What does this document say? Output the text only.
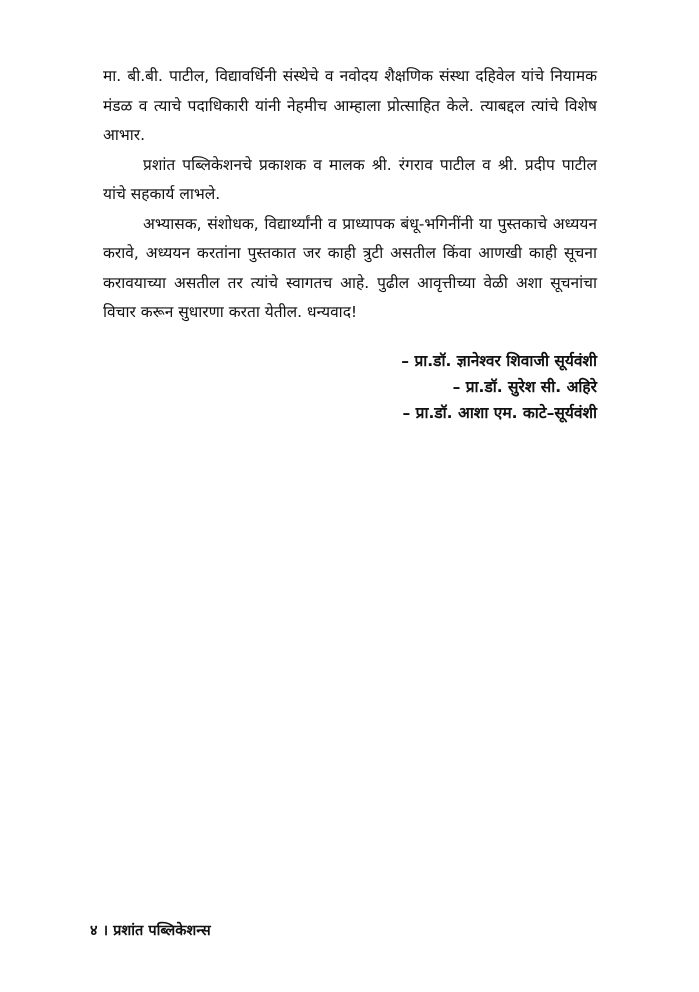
मा. बी.बी. पाटील, विद्यावर्धिनी संस्थेचे व नवोदय शैक्षणिक संस्था दहिवेल यांचे नियामक मंडळ व त्याचे पदाधिकारी यांनी नेहमीच आम्हाला प्रोत्साहित केले. त्याबद्दल त्यांचे विशेष आभार.

प्रशांत पब्लिकेशनचे प्रकाशक व मालक श्री. रंगराव पाटील व श्री. प्रदीप पाटील यांचे सहकार्य लाभले.

अभ्यासक, संशोधक, विद्यार्थ्यांनी व प्राध्यापक बंधू-भगिनींनी या पुस्तकाचे अध्ययन करावे, अध्ययन करतांना पुस्तकात जर काही त्रुटी असतील किंवा आणखी काही सूचना करावयाच्या असतील तर त्यांचे स्वागतच आहे. पुढील आवृत्तीच्या वेळी अशा सूचनांचा विचार करून सुधारणा करता येतील. धन्यवाद!

– प्रा.डॉ. ज्ञानेश्वर शिवाजी सूर्यवंशी
– प्रा.डॉ. सुरेश सी. अहिरे
– प्रा.डॉ. आशा एम. काटे–सूर्यवंशी
४ । प्रशांत पब्लिकेशन्स
